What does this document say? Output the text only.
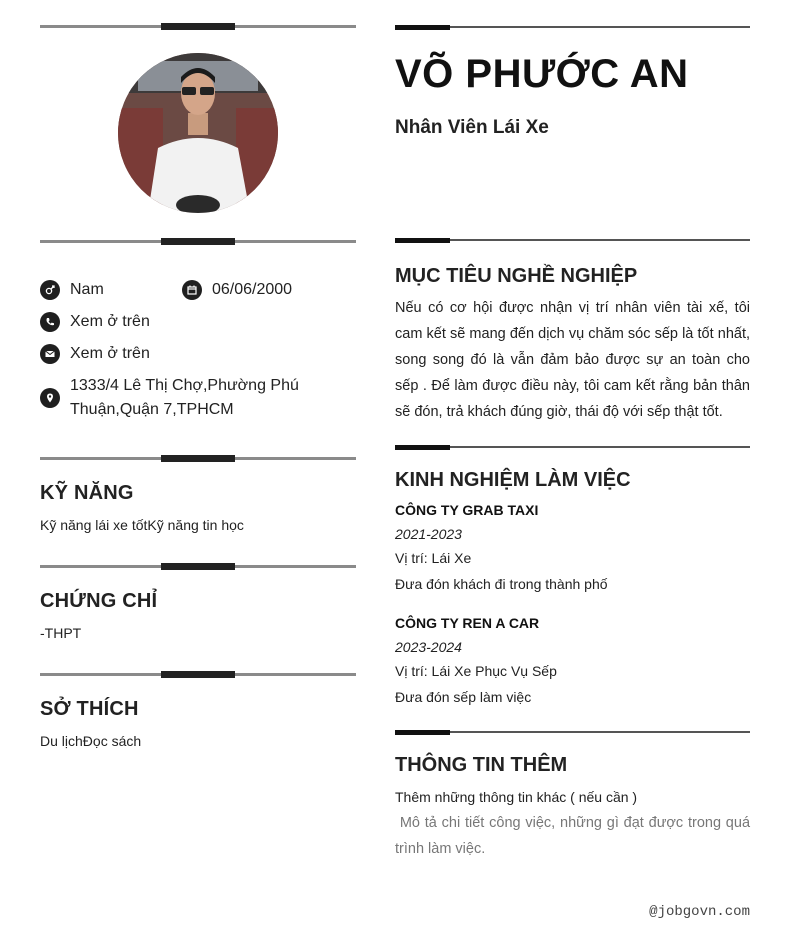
Nam	06/06/2000
Xem ở trên
Xem ở trên
1333/4 Lê Thị Chợ,Phường Phú
Thuận,Quận 7,TPHCM
KỸ NĂNG
Kỹ năng lái xe tốtKỹ năng tin học
CHỨNG CHỈ
-THPT
SỞ THÍCH
Du lịchĐọc sách
VÕ PHƯỚC AN
Nhân Viên Lái Xe
MỤC TIÊU NGHỀ NGHIỆP
Nếu có cơ hội được nhận vị trí nhân viên tài xế, tôi cam kết sẽ mang đến dịch vụ chăm sóc sếp là tốt nhất, song song đó là vẫn đảm bảo được sự an toàn cho sếp . Để làm được điều này, tôi cam kết rằng bản thân sẽ đón, trả khách đúng giờ, thái độ với sếp thật tốt.
KINH NGHIỆM LÀM VIỆC
CÔNG TY GRAB TAXI
2021-2023
Vị trí: Lái Xe
Đưa đón khách đi trong thành phố
CÔNG TY REN A CAR
2023-2024
Vị trí: Lái Xe Phục Vụ Sếp
Đưa đón sếp làm việc
THÔNG TIN THÊM
Thêm những thông tin khác ( nếu cần )
Mô tả chi tiết công việc, những gì đạt được trong quá trình làm việc.
@jobgovn.com
